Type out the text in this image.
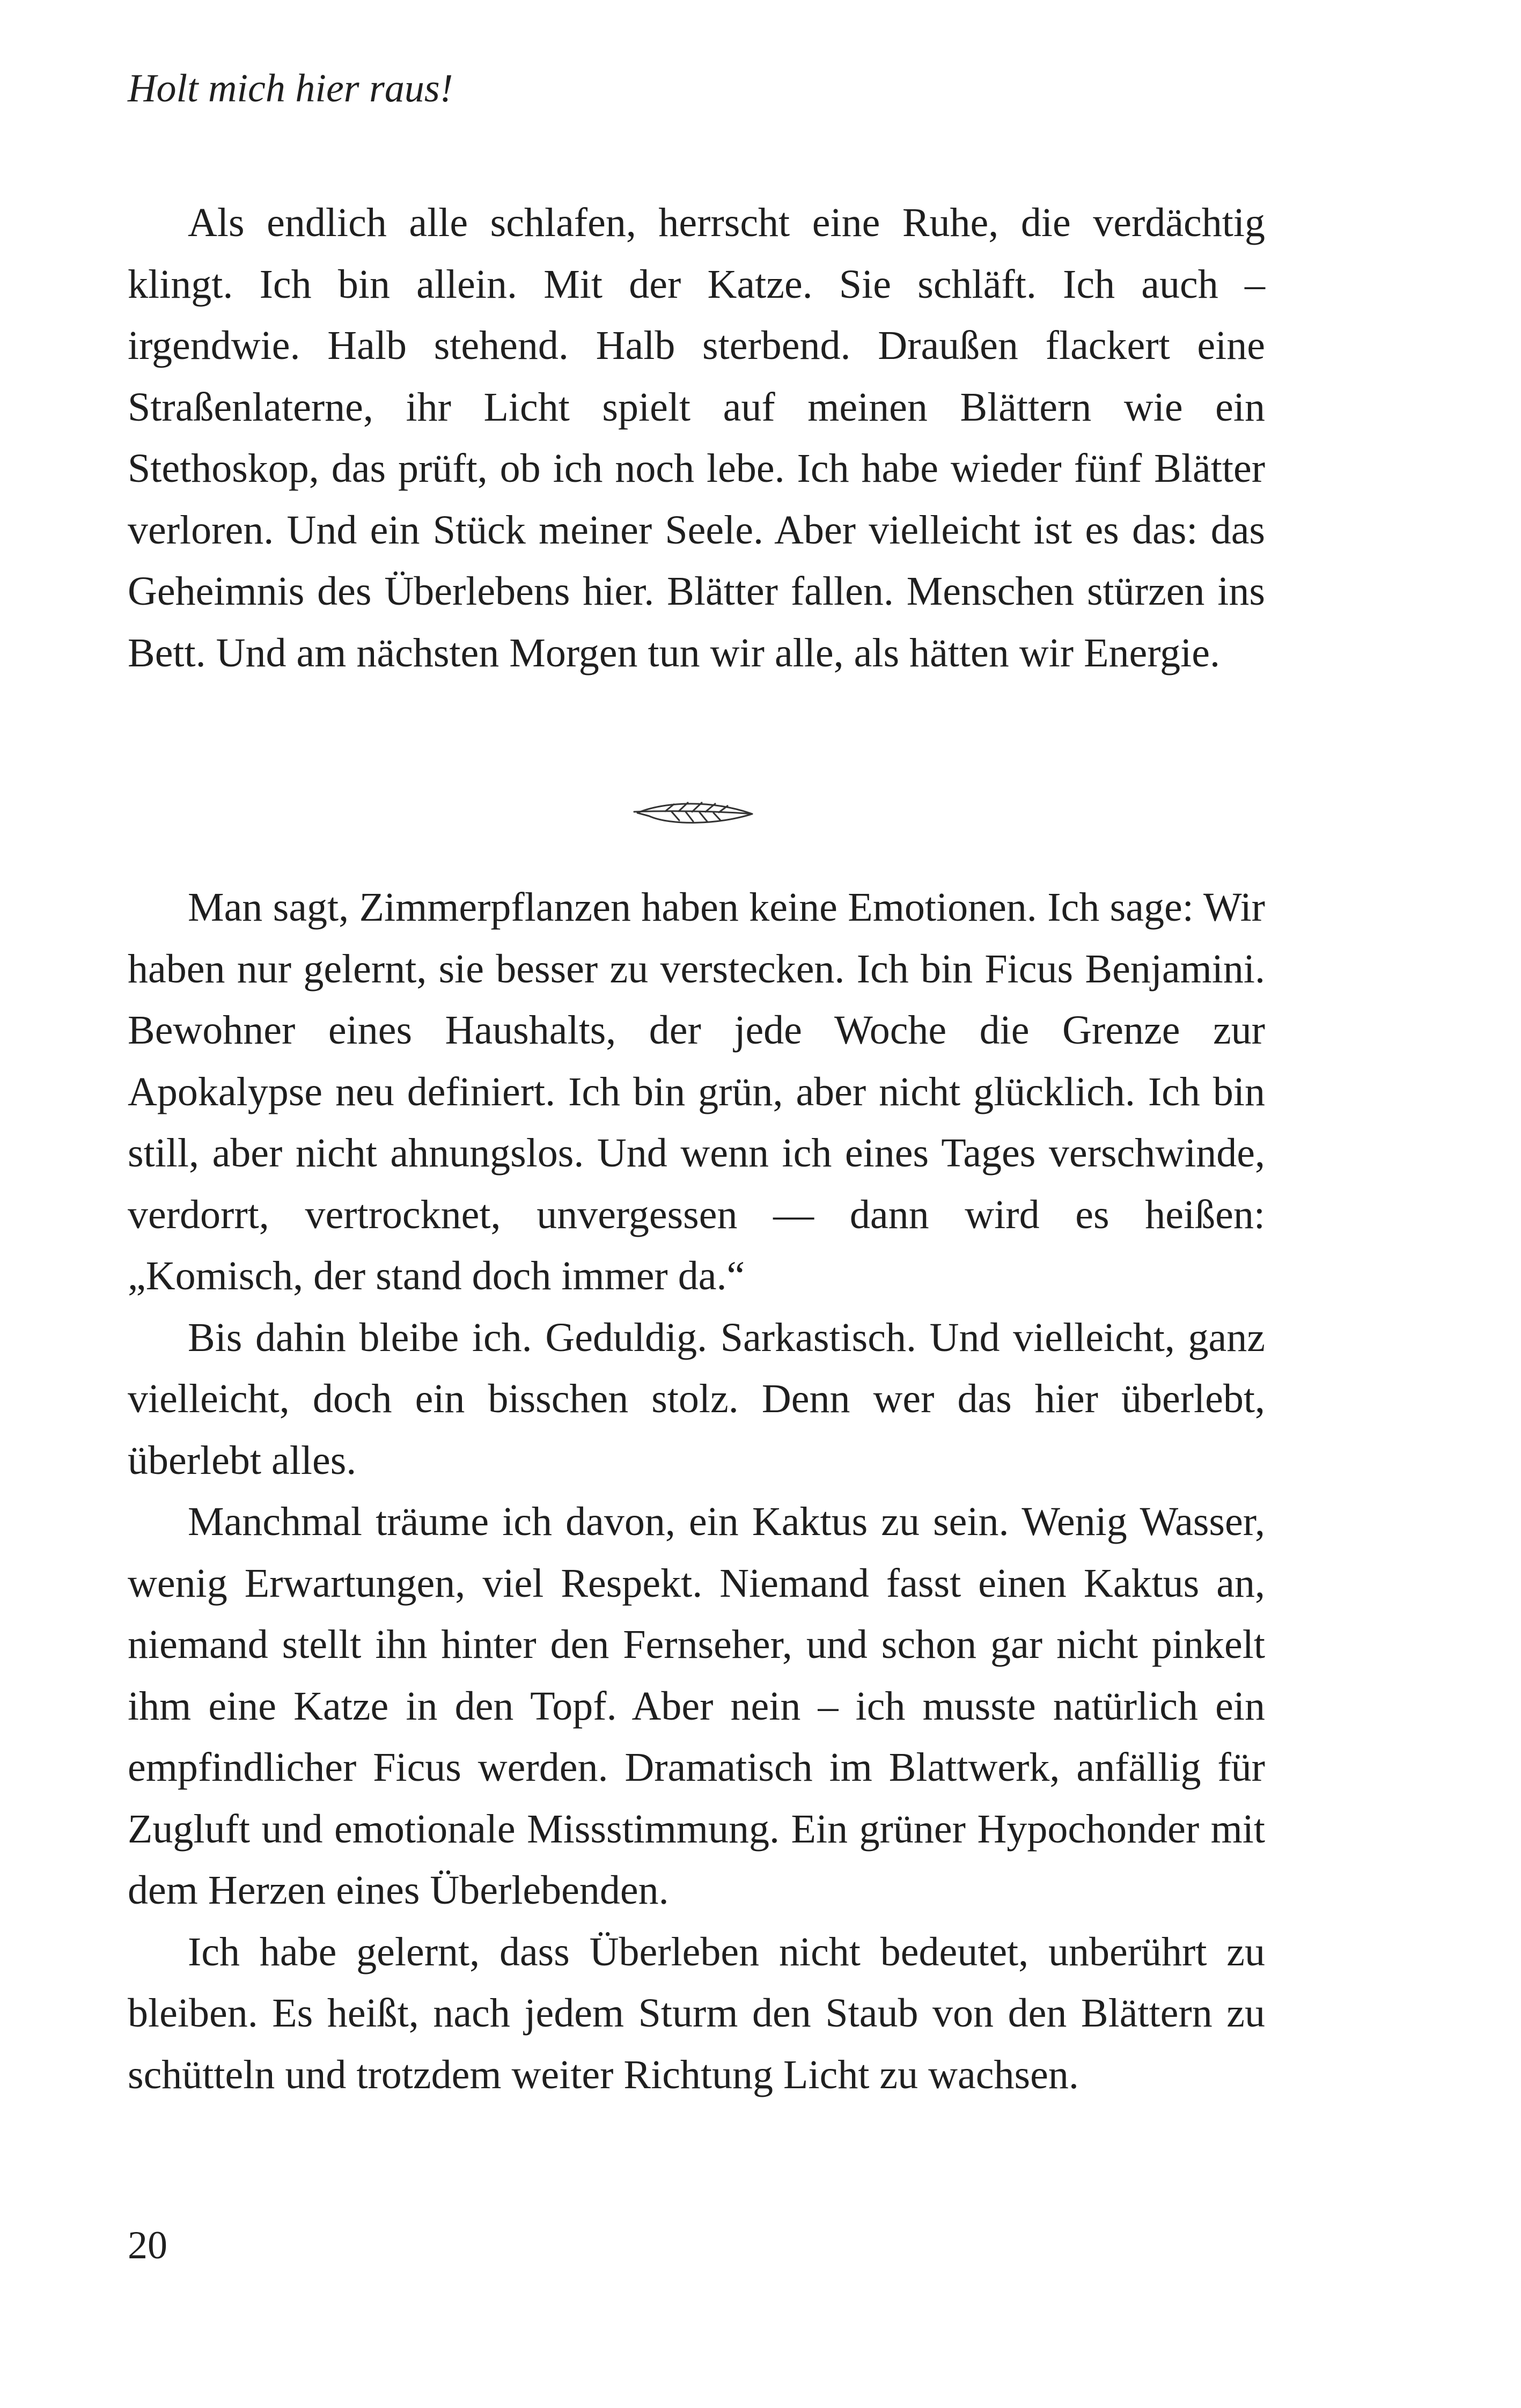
Holt mich hier raus!

Als endlich alle schlafen, herrscht eine Ruhe, die verdächtig klingt. Ich bin allein. Mit der Katze. Sie schläft. Ich auch – irgendwie. Halb stehend. Halb sterbend. Draußen flackert eine Straßenlaterne, ihr Licht spielt auf meinen Blättern wie ein Stethoskop, das prüft, ob ich noch lebe. Ich habe wieder fünf Blätter verloren. Und ein Stück meiner Seele. Aber vielleicht ist es das: das Geheimnis des Überlebens hier. Blätter fallen. Menschen stürzen ins Bett. Und am nächsten Morgen tun wir alle, als hätten wir Energie.

Man sagt, Zimmerpflanzen haben keine Emotionen. Ich sage: Wir haben nur gelernt, sie besser zu verstecken. Ich bin Ficus Benjamini. Bewohner eines Haushalts, der jede Woche die Grenze zur Apokalypse neu definiert. Ich bin grün, aber nicht glücklich. Ich bin still, aber nicht ahnungslos. Und wenn ich eines Tages verschwinde, verdorrt, vertrocknet, unvergessen — dann wird es heißen: „Komisch, der stand doch immer da.“

Bis dahin bleibe ich. Geduldig. Sarkastisch. Und vielleicht, ganz vielleicht, doch ein bisschen stolz. Denn wer das hier überlebt, überlebt alles.

Manchmal träume ich davon, ein Kaktus zu sein. Wenig Wasser, wenig Erwartungen, viel Respekt. Niemand fasst einen Kaktus an, niemand stellt ihn hinter den Fernseher, und schon gar nicht pinkelt ihm eine Katze in den Topf. Aber nein – ich musste natürlich ein empfindlicher Ficus werden. Dramatisch im Blattwerk, anfällig für Zugluft und emotionale Missstimmung. Ein grüner Hypochonder mit dem Herzen eines Überlebenden.

Ich habe gelernt, dass Überleben nicht bedeutet, unberührt zu bleiben. Es heißt, nach jedem Sturm den Staub von den Blättern zu schütteln und trotzdem weiter Richtung Licht zu wachsen.

20
